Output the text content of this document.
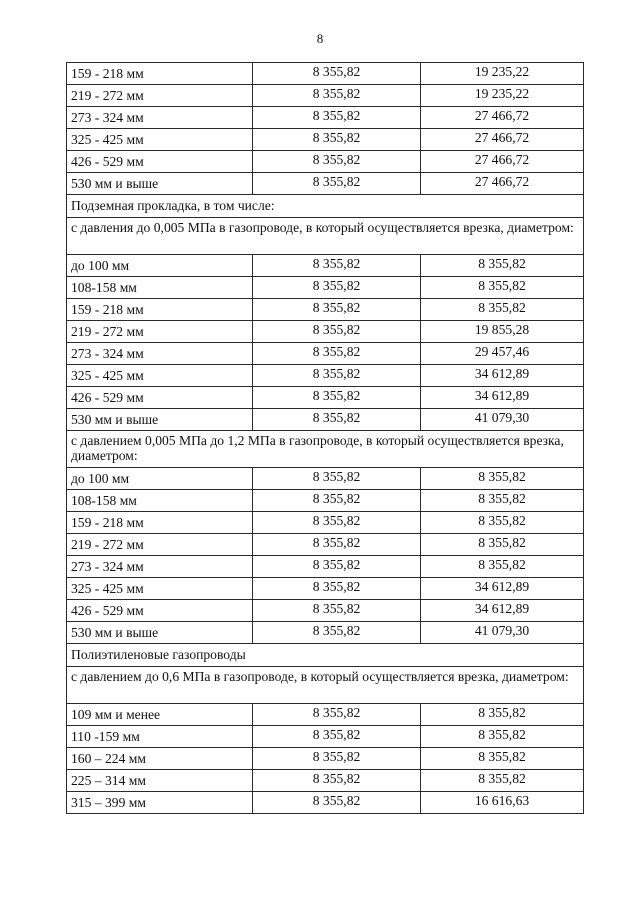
8
159 - 218 мм	8 355,82	19 235,22
219 - 272 мм	8 355,82	19 235,22
273 - 324 мм	8 355,82	27 466,72
325 - 425 мм	8 355,82	27 466,72
426 - 529 мм	8 355,82	27 466,72
530 мм и выше	8 355,82	27 466,72
Подземная прокладка, в том числе:		
с давления до 0,005 МПа в газопроводе, в который осуществляется врезка, диаметром:		
до 100 мм	8 355,82	8 355,82
108-158 мм	8 355,82	8 355,82
159 - 218 мм	8 355,82	8 355,82
219 - 272 мм	8 355,82	19 855,28
273 - 324 мм	8 355,82	29 457,46
325 - 425 мм	8 355,82	34 612,89
426 - 529 мм	8 355,82	34 612,89
530 мм и выше	8 355,82	41 079,30
с давлением 0,005 МПа до 1,2 МПа в газопроводе, в который осуществляется врезка, диаметром:		
до 100 мм	8 355,82	8 355,82
108-158 мм	8 355,82	8 355,82
159 - 218 мм	8 355,82	8 355,82
219 - 272 мм	8 355,82	8 355,82
273 - 324 мм	8 355,82	8 355,82
325 - 425 мм	8 355,82	34 612,89
426 - 529 мм	8 355,82	34 612,89
530 мм и выше	8 355,82	41 079,30
Полиэтиленовые газопроводы		
с давлением до 0,6 МПа в газопроводе, в который осуществляется врезка, диаметром:		
109 мм и менее	8 355,82	8 355,82
110 -159 мм	8 355,82	8 355,82
160 – 224 мм	8 355,82	8 355,82
225 – 314 мм	8 355,82	8 355,82
315 – 399 мм	8 355,82	16 616,63
